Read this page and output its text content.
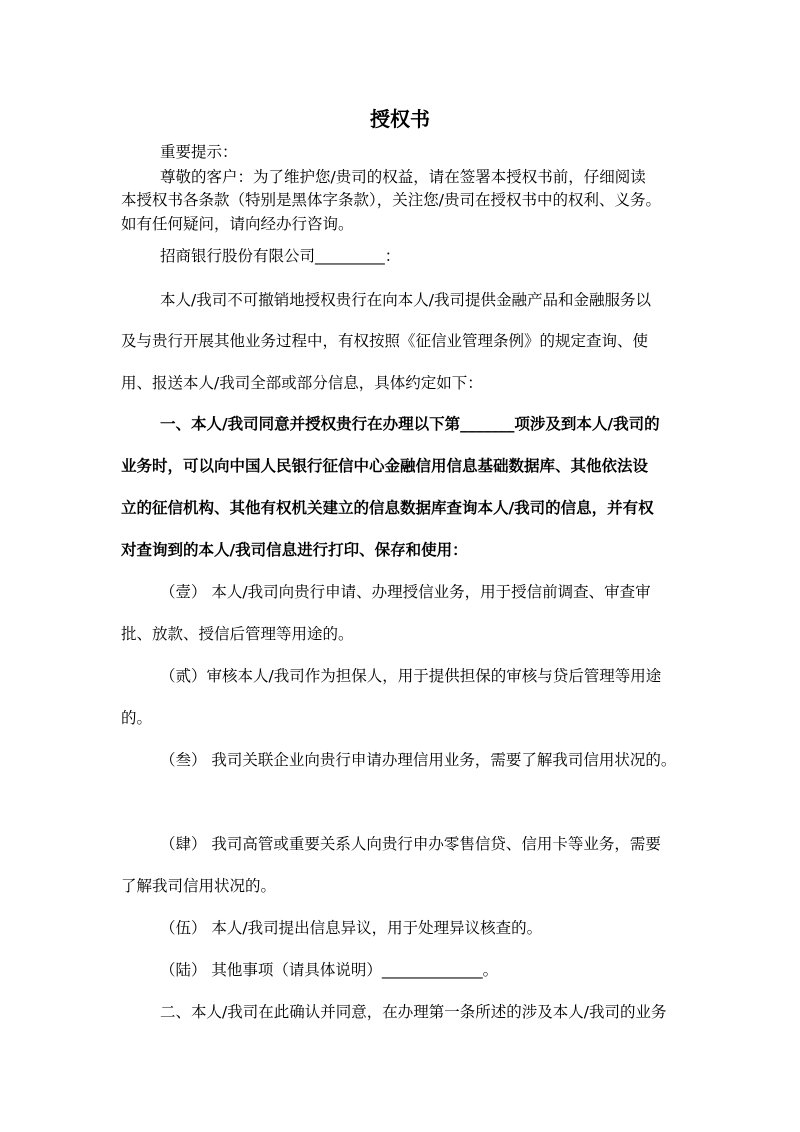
授权书
重要提示：
尊敬的客户：为了维护您/贵司的权益，请在签署本授权书前，仔细阅读
本授权书各条款（特别是黑体字条款），关注您/贵司在授权书中的权利、义务。
如有任何疑问，请向经办行咨询。
招商银行股份有限公司_________：
本人/我司不可撤销地授权贵行在向本人/我司提供金融产品和金融服务以
及与贵行开展其他业务过程中，有权按照《征信业管理条例》的规定查询、使
用、报送本人/我司全部或部分信息，具体约定如下：
一、本人/我司同意并授权贵行在办理以下第_______项涉及到本人/我司的
业务时，可以向中国人民银行征信中心金融信用信息基础数据库、其他依法设
立的征信机构、其他有权机关建立的信息数据库查询本人/我司的信息，并有权
对查询到的本人/我司信息进行打印、保存和使用：
（壹） 本人/我司向贵行申请、办理授信业务，用于授信前调查、审查审
批、放款、授信后管理等用途的。
（贰）审核本人/我司作为担保人，用于提供担保的审核与贷后管理等用途
的。
（叁） 我司关联企业向贵行申请办理信用业务，需要了解我司信用状况的。
（肆） 我司高管或重要关系人向贵行申办零售信贷、信用卡等业务，需要
了解我司信用状况的。
（伍） 本人/我司提出信息异议，用于处理异议核查的。
（陆） 其他事项（请具体说明）_____________。
二、本人/我司在此确认并同意，在办理第一条所述的涉及本人/我司的业务
